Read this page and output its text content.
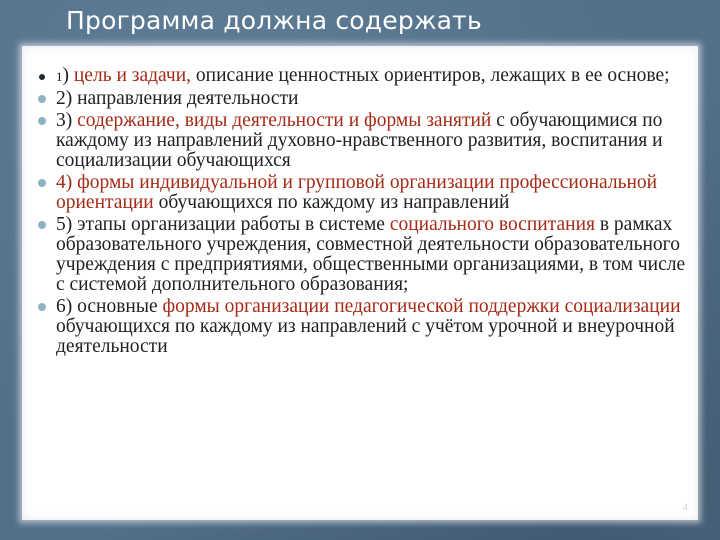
Программа должна содержать
1) цель и задачи, описание ценностных ориентиров, лежащих в ее основе;
2) направления деятельности
3) содержание, виды деятельности и формы занятий с обучающимися по каждому из направлений духовно-нравственного развития, воспитания и социализации обучающихся
4) формы индивидуальной и групповой организации профессиональной ориентации обучающихся по каждому из направлений
5) этапы организации работы в системе социального воспитания в рамках образовательного учреждения, совместной деятельности образовательного учреждения с предприятиями, общественными организациями, в том числе с системой дополнительного образования;
6) основные формы организации педагогической поддержки социализации обучающихся по каждому из направлений с учётом урочной и внеурочной деятельности
4
